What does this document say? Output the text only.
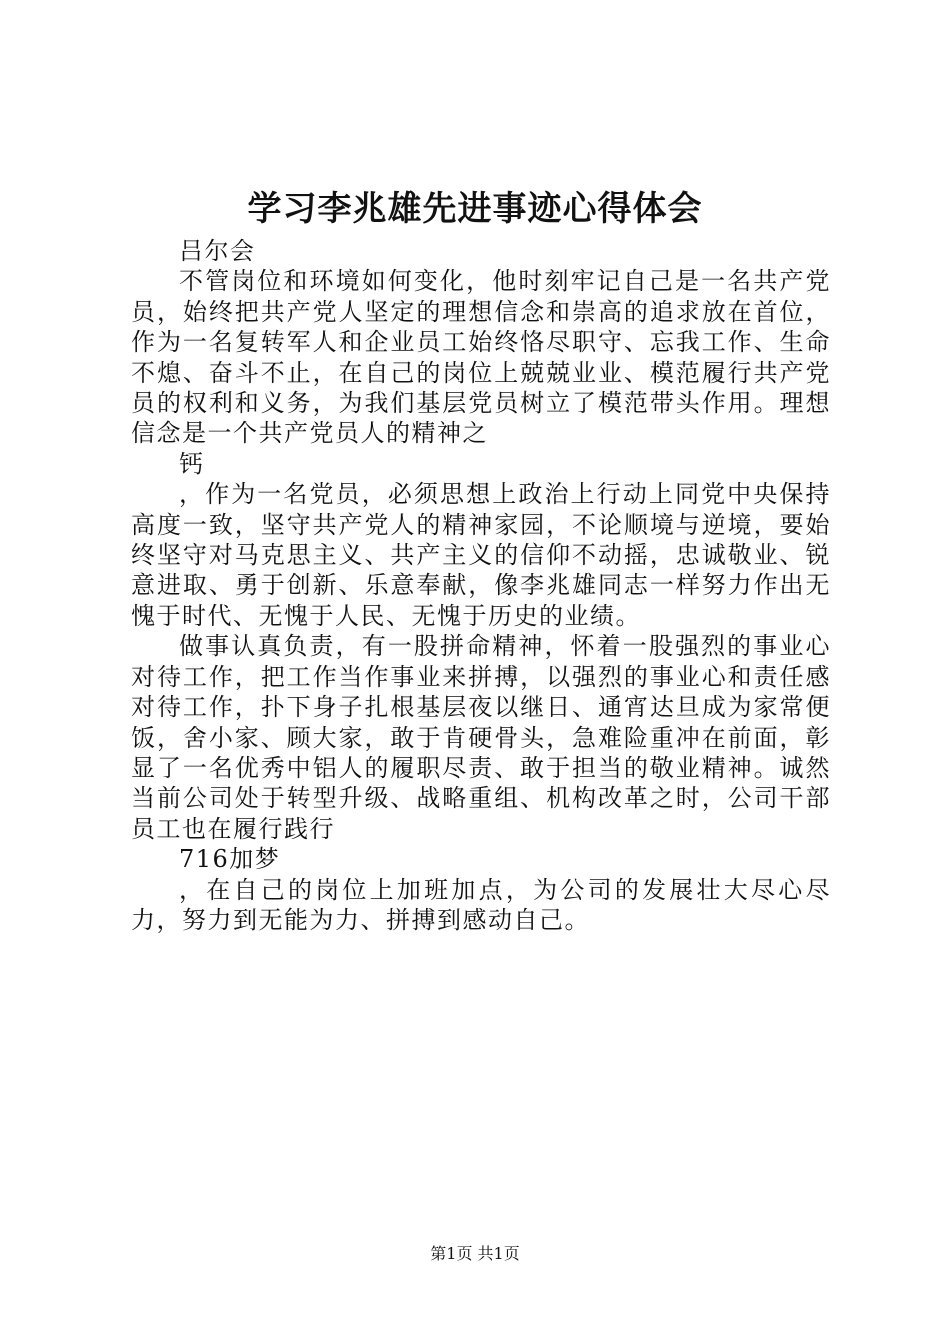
学习李兆雄先进事迹心得体会

吕尔会

不管岗位和环境如何变化，他时刻牢记自己是一名共产党员，始终把共产党人坚定的理想信念和崇高的追求放在首位，作为一名复转军人和企业员工始终恪尽职守、忘我工作、生命不熄、奋斗不止，在自己的岗位上兢兢业业、模范履行共产党员的权利和义务，为我们基层党员树立了模范带头作用。理想信念是一个共产党员人的精神之

钙

，作为一名党员，必须思想上政治上行动上同党中央保持高度一致，坚守共产党人的精神家园，不论顺境与逆境，要始终坚守对马克思主义、共产主义的信仰不动摇，忠诚敬业、锐意进取、勇于创新、乐意奉献，像李兆雄同志一样努力作出无愧于时代、无愧于人民、无愧于历史的业绩。

做事认真负责，有一股拼命精神，怀着一股强烈的事业心对待工作，把工作当作事业来拼搏，以强烈的事业心和责任感对待工作，扑下身子扎根基层夜以继日、通宵达旦成为家常便饭，舍小家、顾大家，敢于肯硬骨头，急难险重冲在前面，彰显了一名优秀中铝人的履职尽责、敢于担当的敬业精神。诚然当前公司处于转型升级、战略重组、机构改革之时，公司干部员工也在履行践行

716加梦

，在自己的岗位上加班加点，为公司的发展壮大尽心尽力，努力到无能为力、拼搏到感动自己。

第1页 共1页
